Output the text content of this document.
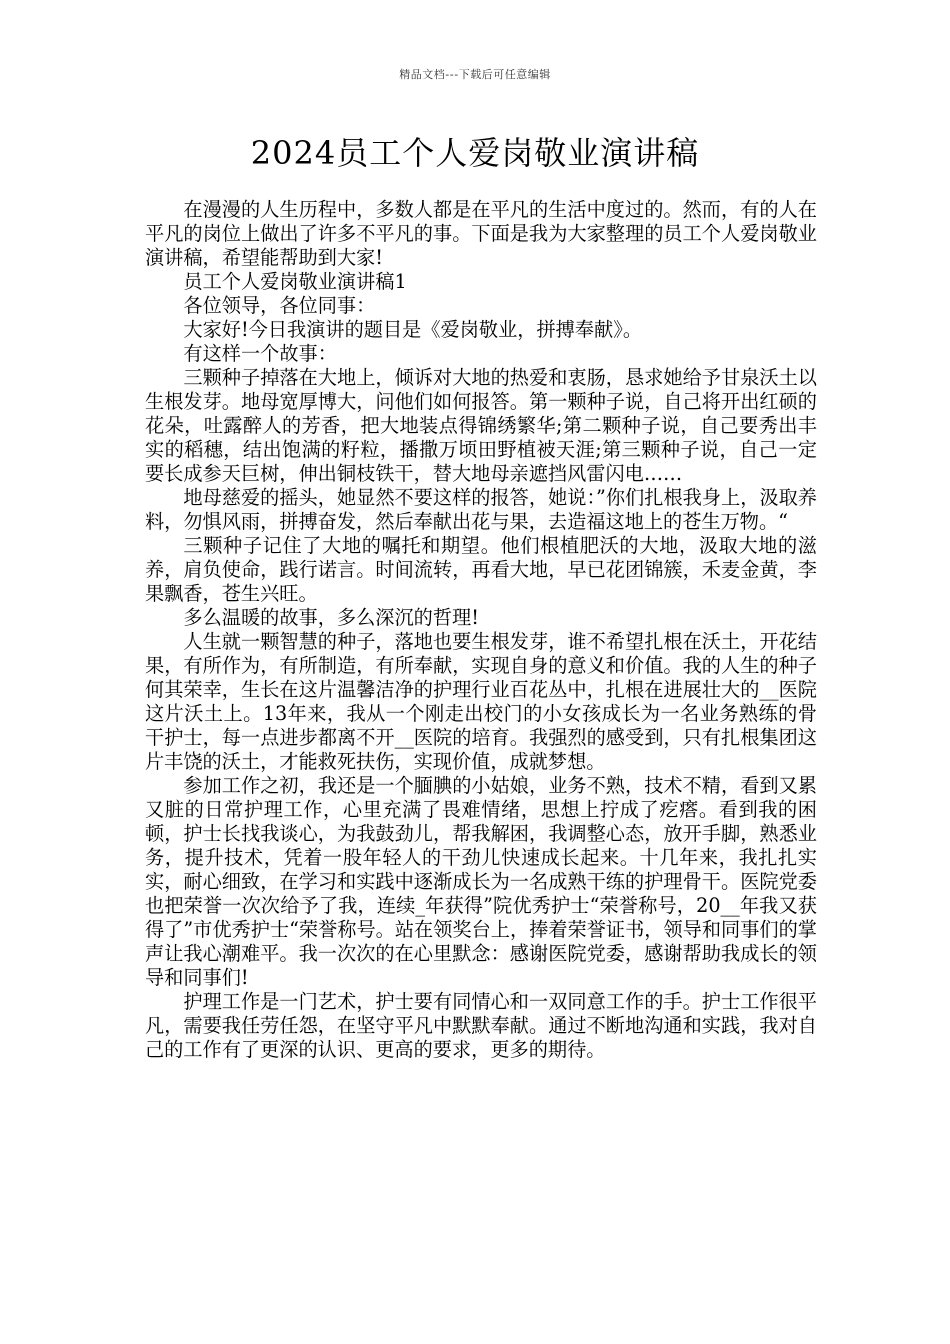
精品文档---下载后可任意编辑
2024员工个人爱岗敬业演讲稿

在漫漫的人生历程中，多数人都是在平凡的生活中度过的。然而，有的人在平凡的岗位上做出了许多不平凡的事。下面是我为大家整理的员工个人爱岗敬业演讲稿，希望能帮助到大家!

员工个人爱岗敬业演讲稿1

各位领导，各位同事：

大家好!今日我演讲的题目是《爱岗敬业，拼搏奉献》。

有这样一个故事：

三颗种子掉落在大地上，倾诉对大地的热爱和衷肠，恳求她给予甘泉沃土以生根发芽。地母宽厚博大，问他们如何报答。第一颗种子说，自己将开出红硕的花朵，吐露醉人的芳香，把大地装点得锦绣繁华;第二颗种子说，自己要秀出丰实的稻穗，结出饱满的籽粒，播撒万顷田野植被天涯;第三颗种子说，自己一定要长成参天巨树，伸出铜枝铁干，替大地母亲遮挡风雷闪电……

地母慈爱的摇头，她显然不要这样的报答，她说：”你们扎根我身上，汲取养料，勿惧风雨，拼搏奋发，然后奉献出花与果，去造福这地上的苍生万物。“

三颗种子记住了大地的嘱托和期望。他们根植肥沃的大地，汲取大地的滋养，肩负使命，践行诺言。时间流转，再看大地，早已花团锦簇，禾麦金黄，李果飘香，苍生兴旺。

多么温暖的故事，多么深沉的哲理!

人生就一颗智慧的种子，落地也要生根发芽，谁不希望扎根在沃土，开花结果，有所作为，有所制造，有所奉献，实现自身的意义和价值。我的人生的种子何其荣幸，生长在这片温馨洁净的护理行业百花丛中，扎根在进展壮大的__医院这片沃土上。13年来，我从一个刚走出校门的小女孩成长为一名业务熟练的骨干护士，每一点进步都离不开__医院的培育。我强烈的感受到，只有扎根集团这片丰饶的沃土，才能救死扶伤，实现价值，成就梦想。

参加工作之初，我还是一个腼腆的小姑娘，业务不熟，技术不精，看到又累又脏的日常护理工作，心里充满了畏难情绪，思想上拧成了疙瘩。看到我的困顿，护士长找我谈心，为我鼓劲儿，帮我解困，我调整心态，放开手脚，熟悉业务，提升技术，凭着一股年轻人的干劲儿快速成长起来。十几年来，我扎扎实实，耐心细致，在学习和实践中逐渐成长为一名成熟干练的护理骨干。医院党委也把荣誉一次次给予了我，连续_年获得”院优秀护士“荣誉称号，20__年我又获得了”市优秀护士“荣誉称号。站在领奖台上，捧着荣誉证书，领导和同事们的掌声让我心潮难平。我一次次的在心里默念：感谢医院党委，感谢帮助我成长的领导和同事们!

护理工作是一门艺术，护士要有同情心和一双同意工作的手。护士工作很平凡，需要我任劳任怨，在坚守平凡中默默奉献。通过不断地沟通和实践，我对自己的工作有了更深的认识、更高的要求，更多的期待。
